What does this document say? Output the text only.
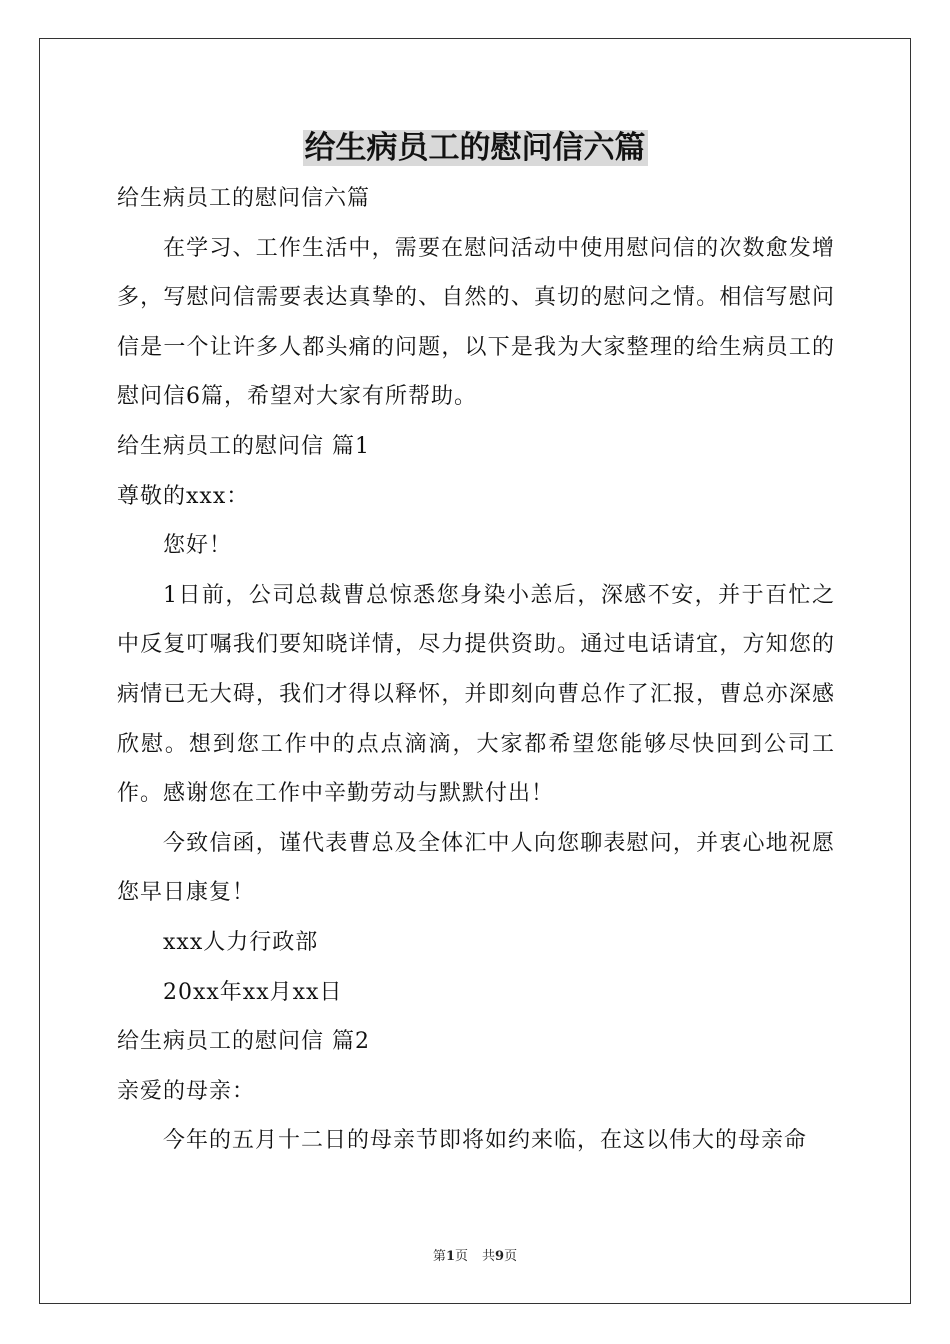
给生病员工的慰问信六篇

给生病员工的慰问信六篇

在学习、工作生活中，需要在慰问活动中使用慰问信的次数愈发增多，写慰问信需要表达真挚的、自然的、真切的慰问之情。相信写慰问信是一个让许多人都头痛的问题，以下是我为大家整理的给生病员工的慰问信6篇，希望对大家有所帮助。

给生病员工的慰问信 篇1

尊敬的xxx：

您好！

1日前，公司总裁曹总惊悉您身染小恙后，深感不安，并于百忙之中反复叮嘱我们要知晓详情，尽力提供资助。通过电话请宜，方知您的病情已无大碍，我们才得以释怀，并即刻向曹总作了汇报，曹总亦深感欣慰。想到您工作中的点点滴滴，大家都希望您能够尽快回到公司工作。感谢您在工作中辛勤劳动与默默付出！

今致信函，谨代表曹总及全体汇中人向您聊表慰问，并衷心地祝愿您早日康复！

xxx人力行政部

20xx年xx月xx日

给生病员工的慰问信 篇2

亲爱的母亲：

今年的五月十二日的母亲节即将如约来临，在这以伟大的母亲命

第1页 共9页
